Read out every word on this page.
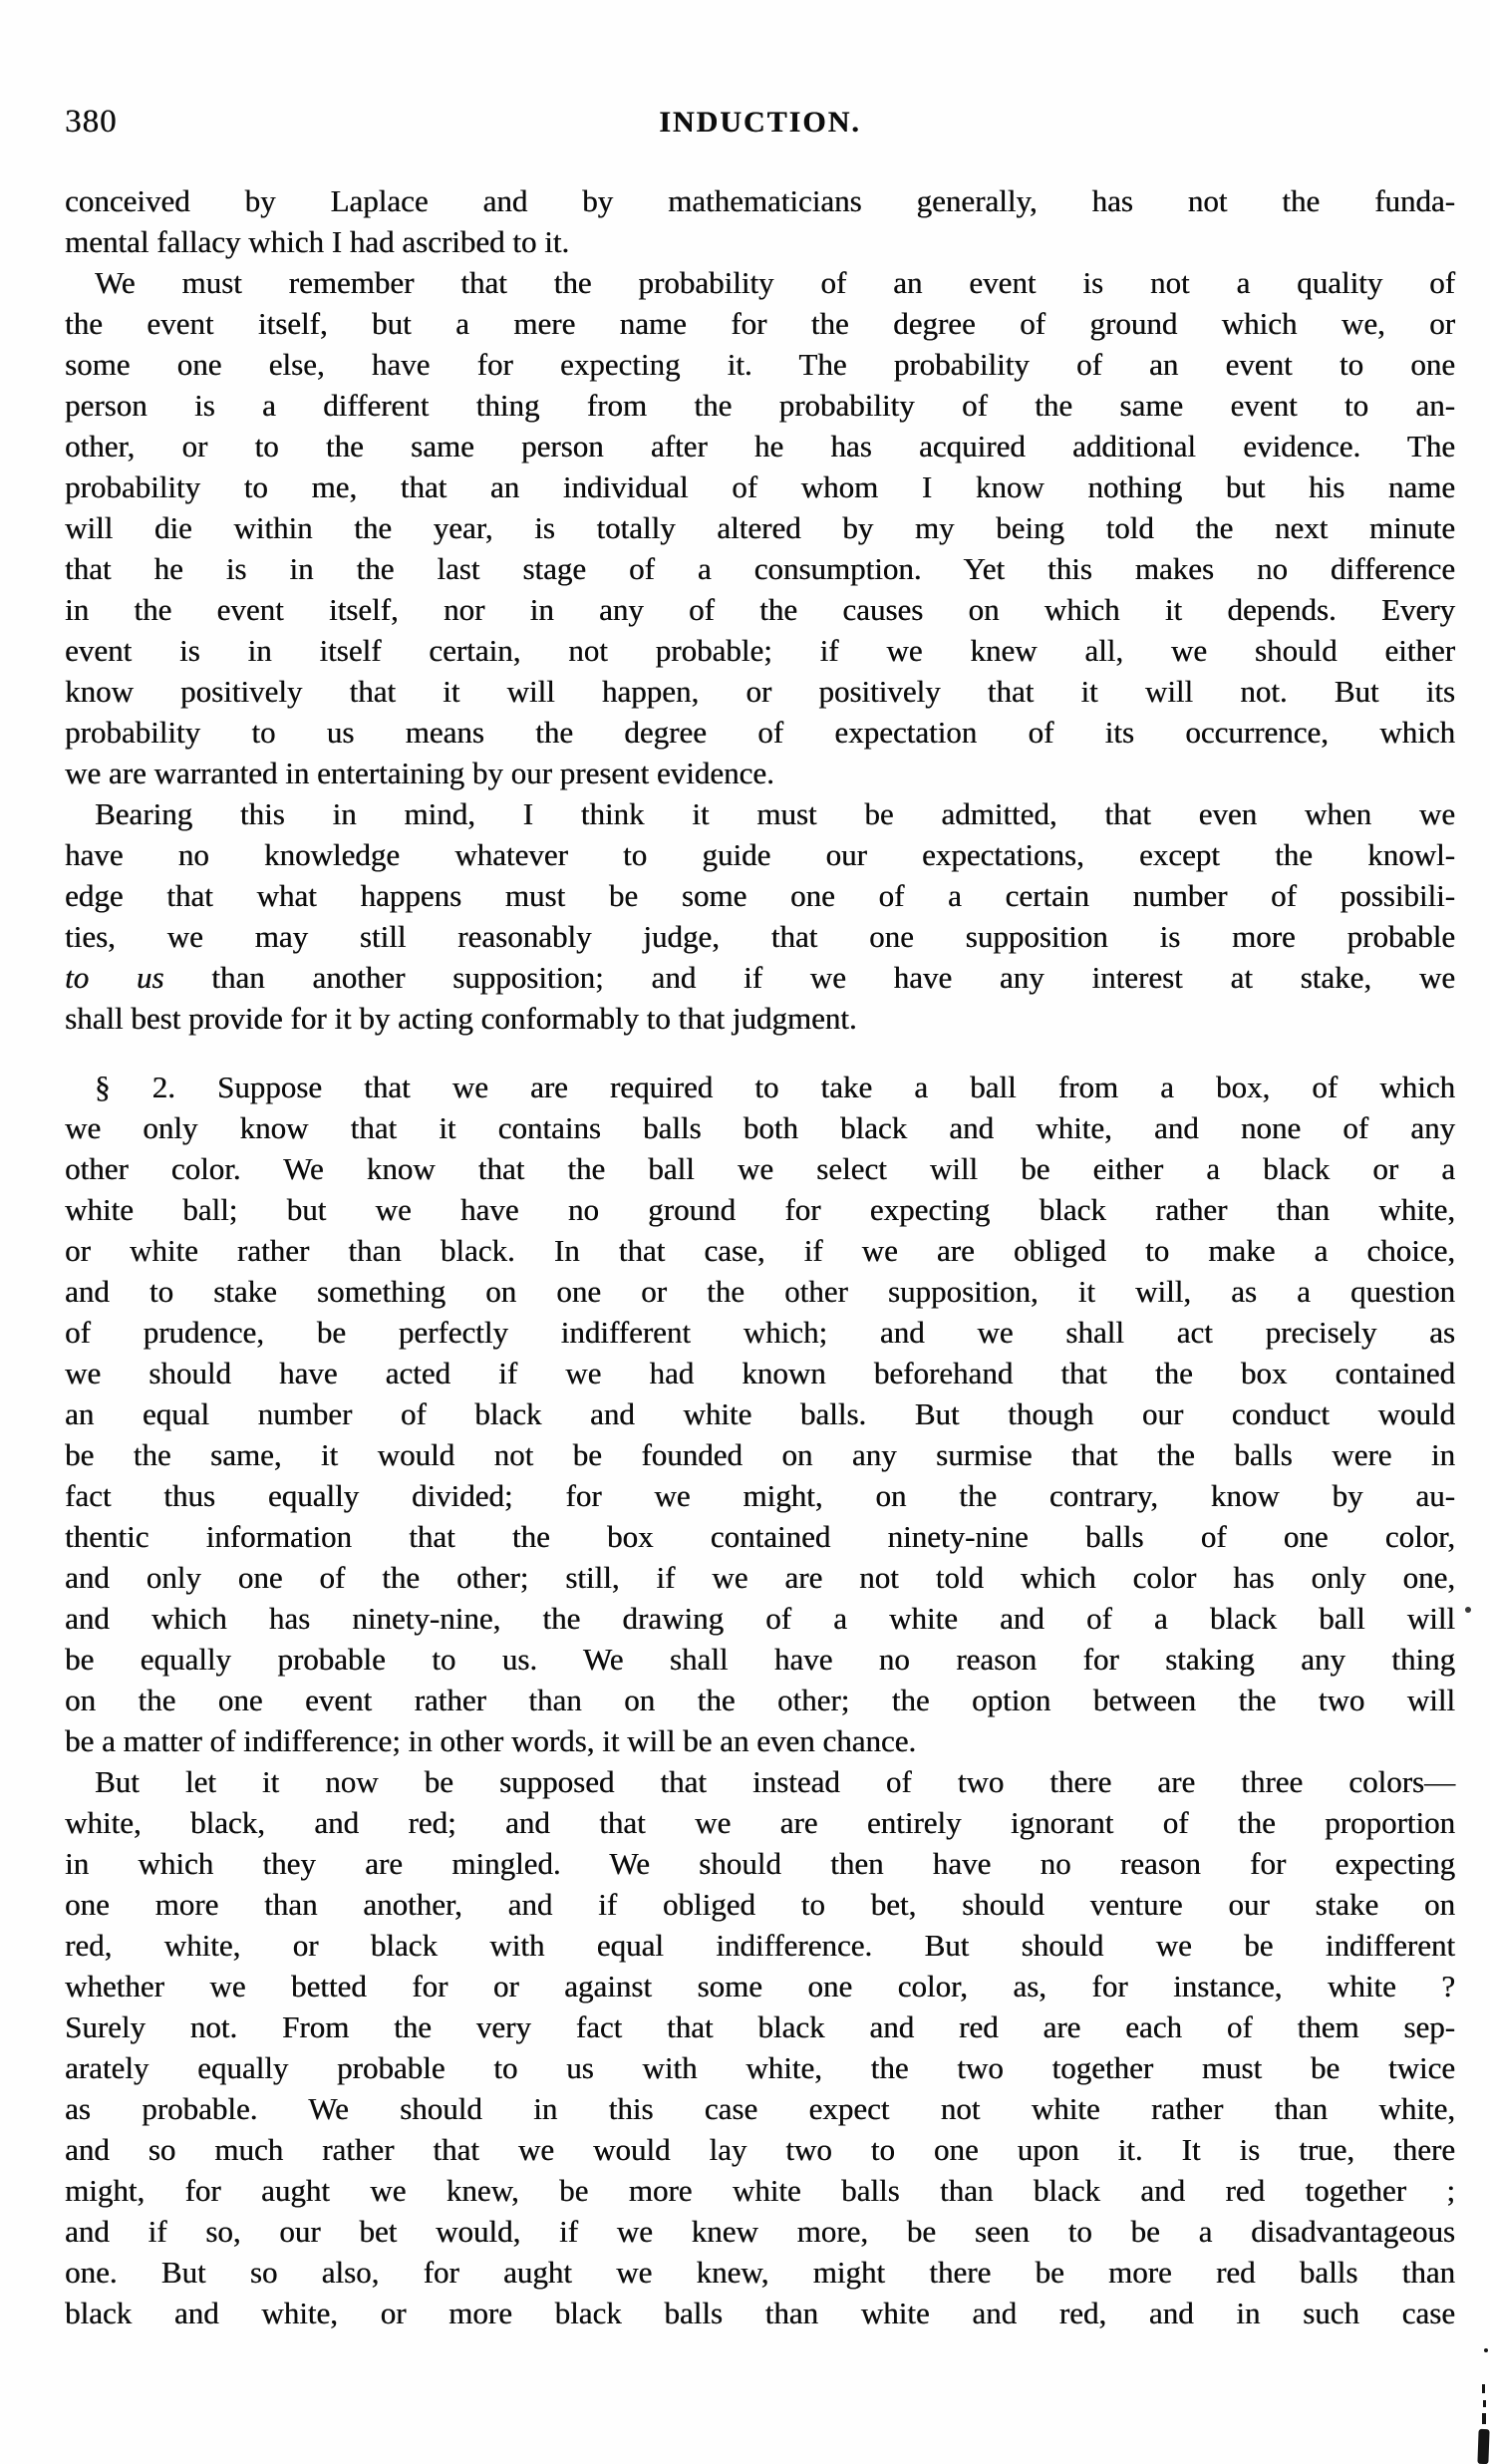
380	INDUCTION.

conceived by Laplace and by mathematicians generally, has not the funda-
mental fallacy which I had ascribed to it.

We must remember that the probability of an event is not a quality of
the event itself, but a mere name for the degree of ground which we, or
some one else, have for expecting it. The probability of an event to one
person is a different thing from the probability of the same event to an-
other, or to the same person after he has acquired additional evidence. The
probability to me, that an individual of whom I know nothing but his name
will die within the year, is totally altered by my being told the next minute
that he is in the last stage of a consumption. Yet this makes no difference
in the event itself, nor in any of the causes on which it depends. Every
event is in itself certain, not probable; if we knew all, we should either
know positively that it will happen, or positively that it will not. But its
probability to us means the degree of expectation of its occurrence, which
we are warranted in entertaining by our present evidence.

Bearing this in mind, I think it must be admitted, that even when we
have no knowledge whatever to guide our expectations, except the knowl-
edge that what happens must be some one of a certain number of possibili-
ties, we may still reasonably judge, that one supposition is more probable
to us than another supposition; and if we have any interest at stake, we
shall best provide for it by acting conformably to that judgment.

§ 2. Suppose that we are required to take a ball from a box, of which
we only know that it contains balls both black and white, and none of any
other color. We know that the ball we select will be either a black or a
white ball; but we have no ground for expecting black rather than white,
or white rather than black. In that case, if we are obliged to make a choice,
and to stake something on one or the other supposition, it will, as a question
of prudence, be perfectly indifferent which; and we shall act precisely as
we should have acted if we had known beforehand that the box contained
an equal number of black and white balls. But though our conduct would
be the same, it would not be founded on any surmise that the balls were in
fact thus equally divided; for we might, on the contrary, know by au-
thentic information that the box contained ninety-nine balls of one color,
and only one of the other; still, if we are not told which color has only one,
and which has ninety-nine, the drawing of a white and of a black ball will
be equally probable to us. We shall have no reason for staking any thing
on the one event rather than on the other; the option between the two will
be a matter of indifference; in other words, it will be an even chance.

But let it now be supposed that instead of two there are three colors—
white, black, and red; and that we are entirely ignorant of the proportion
in which they are mingled. We should then have no reason for expecting
one more than another, and if obliged to bet, should venture our stake on
red, white, or black with equal indifference. But should we be indifferent
whether we betted for or against some one color, as, for instance, white ?
Surely not. From the very fact that black and red are each of them sep-
arately equally probable to us with white, the two together must be twice
as probable. We should in this case expect not white rather than white,
and so much rather that we would lay two to one upon it. It is true, there
might, for aught we knew, be more white balls than black and red together ;
and if so, our bet would, if we knew more, be seen to be a disadvantageous
one. But so also, for aught we knew, might there be more red balls than
black and white, or more black balls than white and red, and in such case
